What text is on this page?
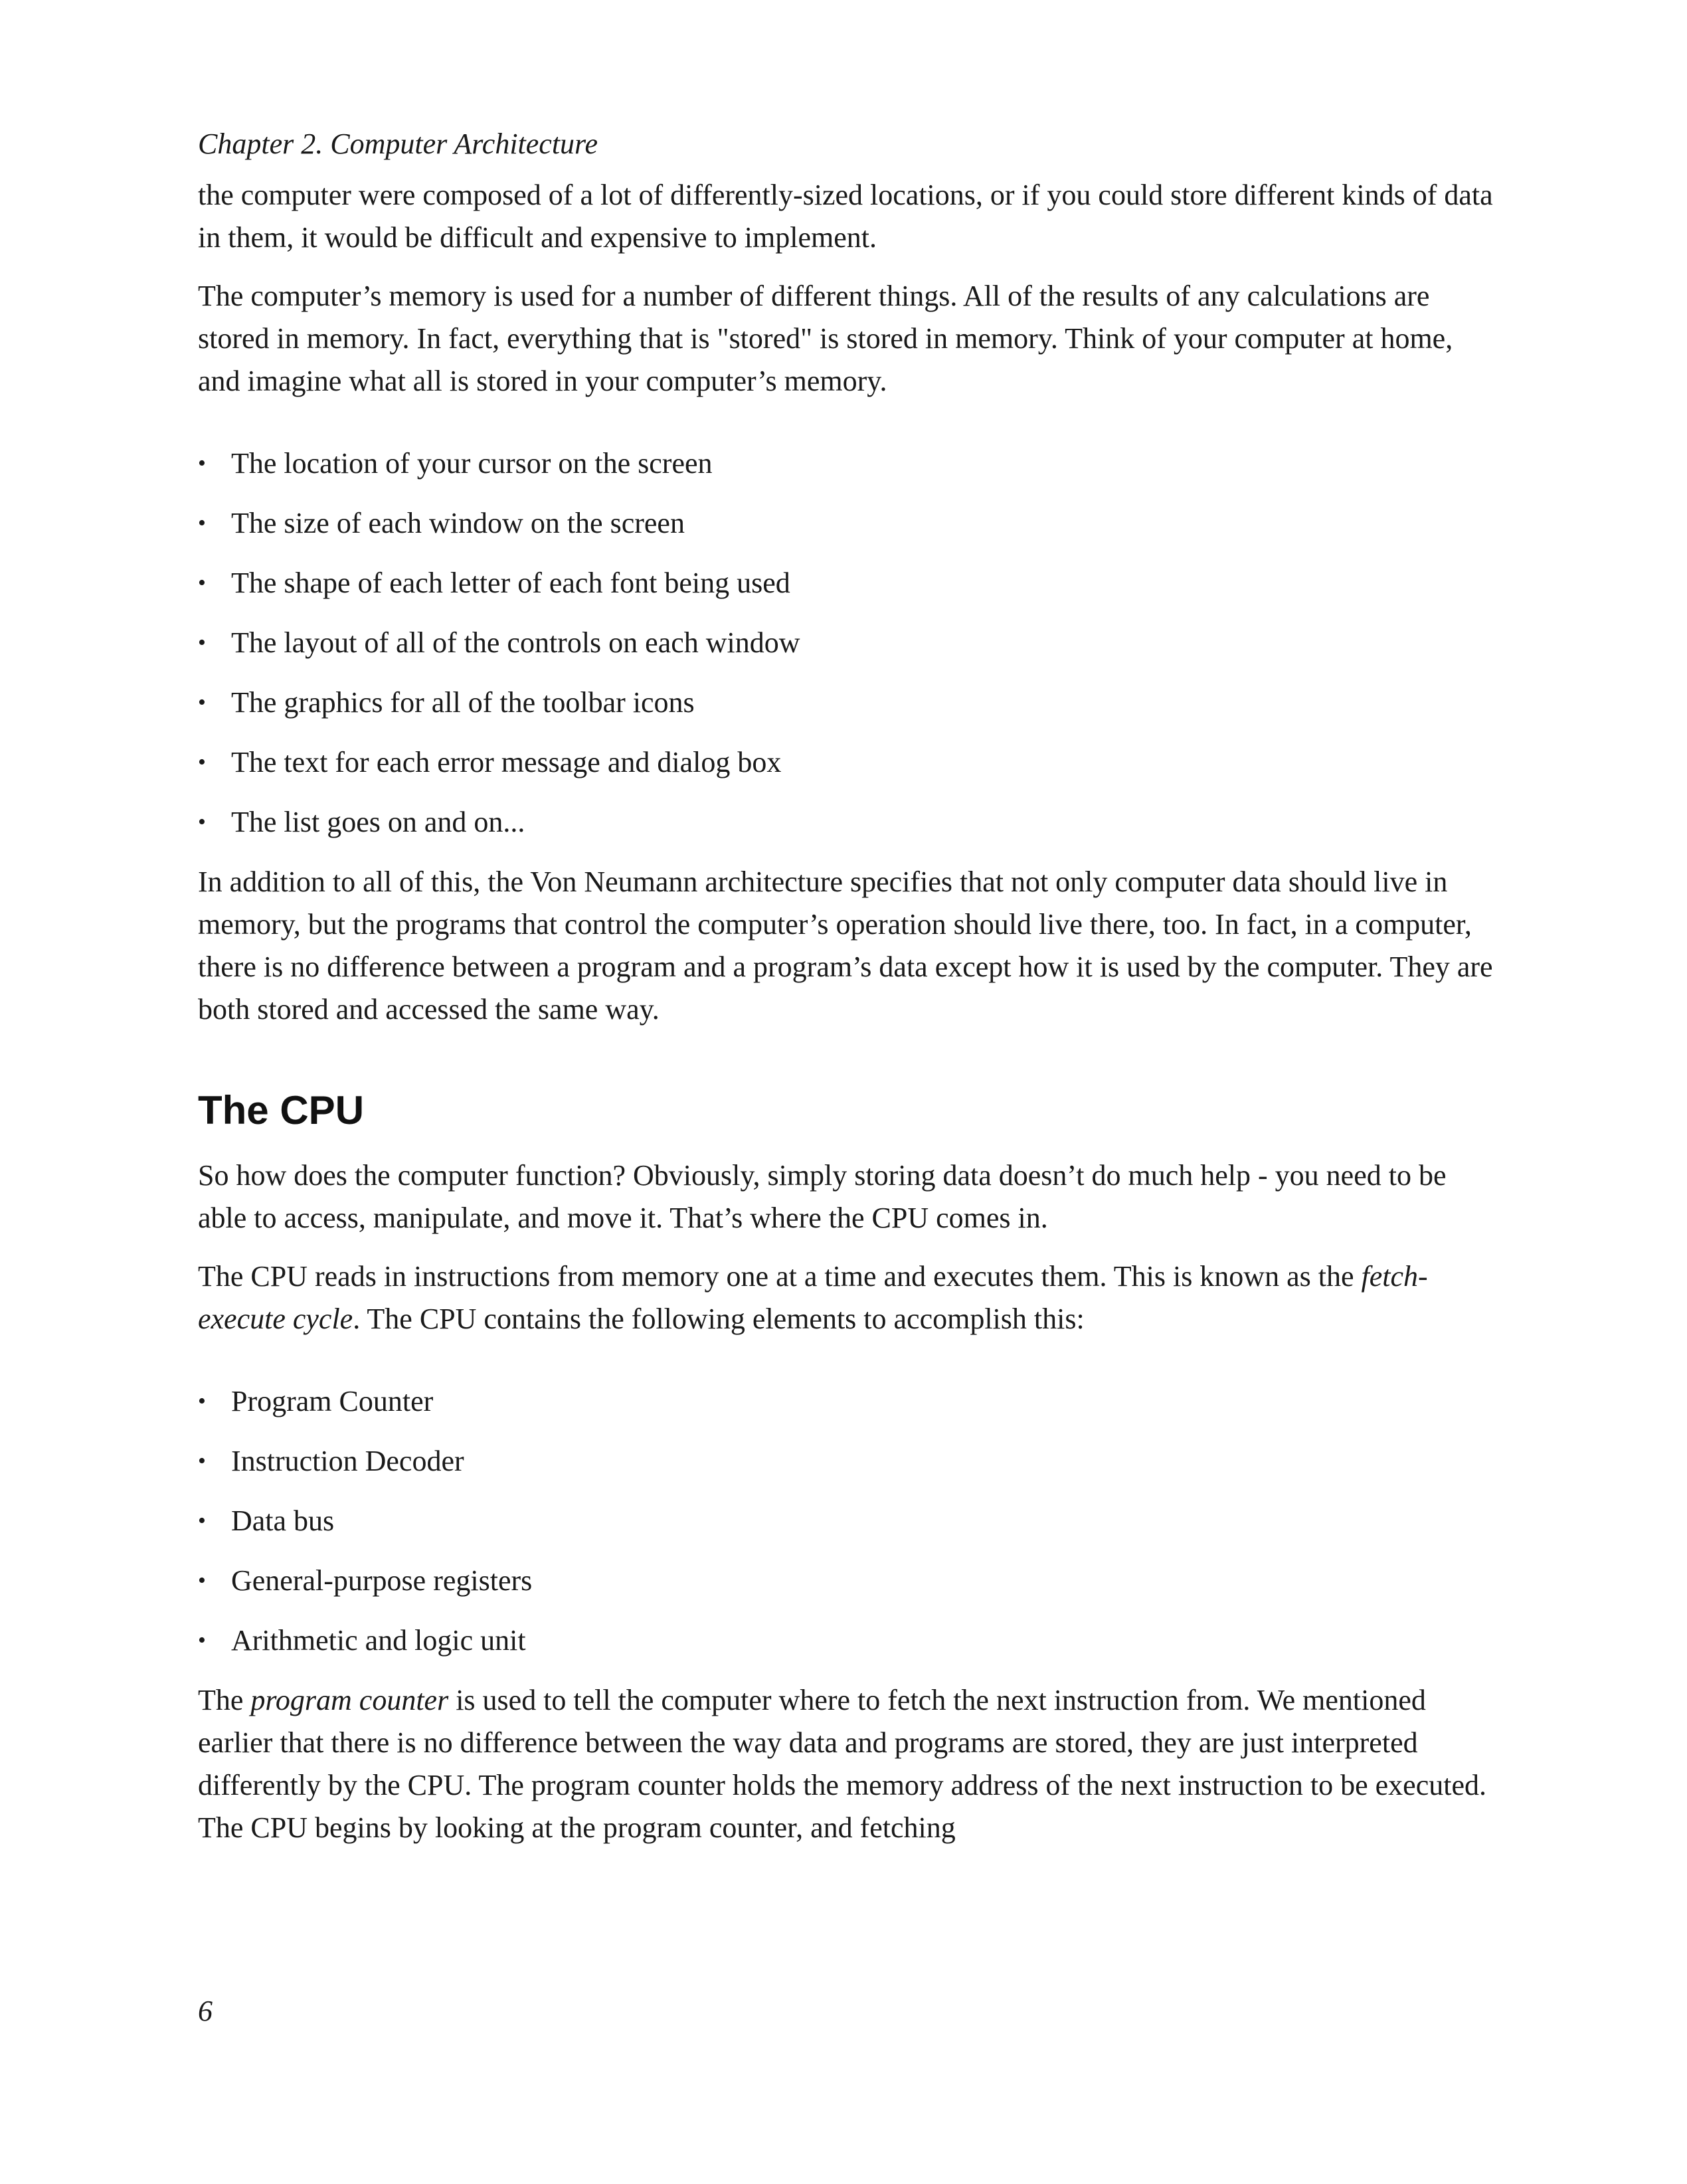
Chapter 2. Computer Architecture

the computer were composed of a lot of differently-sized locations, or if you could store different kinds of data in them, it would be difficult and expensive to implement.

The computer’s memory is used for a number of different things. All of the results of any calculations are stored in memory. In fact, everything that is "stored" is stored in memory. Think of your computer at home, and imagine what all is stored in your computer’s memory.

• The location of your cursor on the screen
• The size of each window on the screen
• The shape of each letter of each font being used
• The layout of all of the controls on each window
• The graphics for all of the toolbar icons
• The text for each error message and dialog box
• The list goes on and on...

In addition to all of this, the Von Neumann architecture specifies that not only computer data should live in memory, but the programs that control the computer’s operation should live there, too. In fact, in a computer, there is no difference between a program and a program’s data except how it is used by the computer. They are both stored and accessed the same way.

The CPU

So how does the computer function? Obviously, simply storing data doesn’t do much help - you need to be able to access, manipulate, and move it. That’s where the CPU comes in.

The CPU reads in instructions from memory one at a time and executes them. This is known as the fetch-execute cycle. The CPU contains the following elements to accomplish this:

• Program Counter
• Instruction Decoder
• Data bus
• General-purpose registers
• Arithmetic and logic unit

The program counter is used to tell the computer where to fetch the next instruction from. We mentioned earlier that there is no difference between the way data and programs are stored, they are just interpreted differently by the CPU. The program counter holds the memory address of the next instruction to be executed. The CPU begins by looking at the program counter, and fetching

6
